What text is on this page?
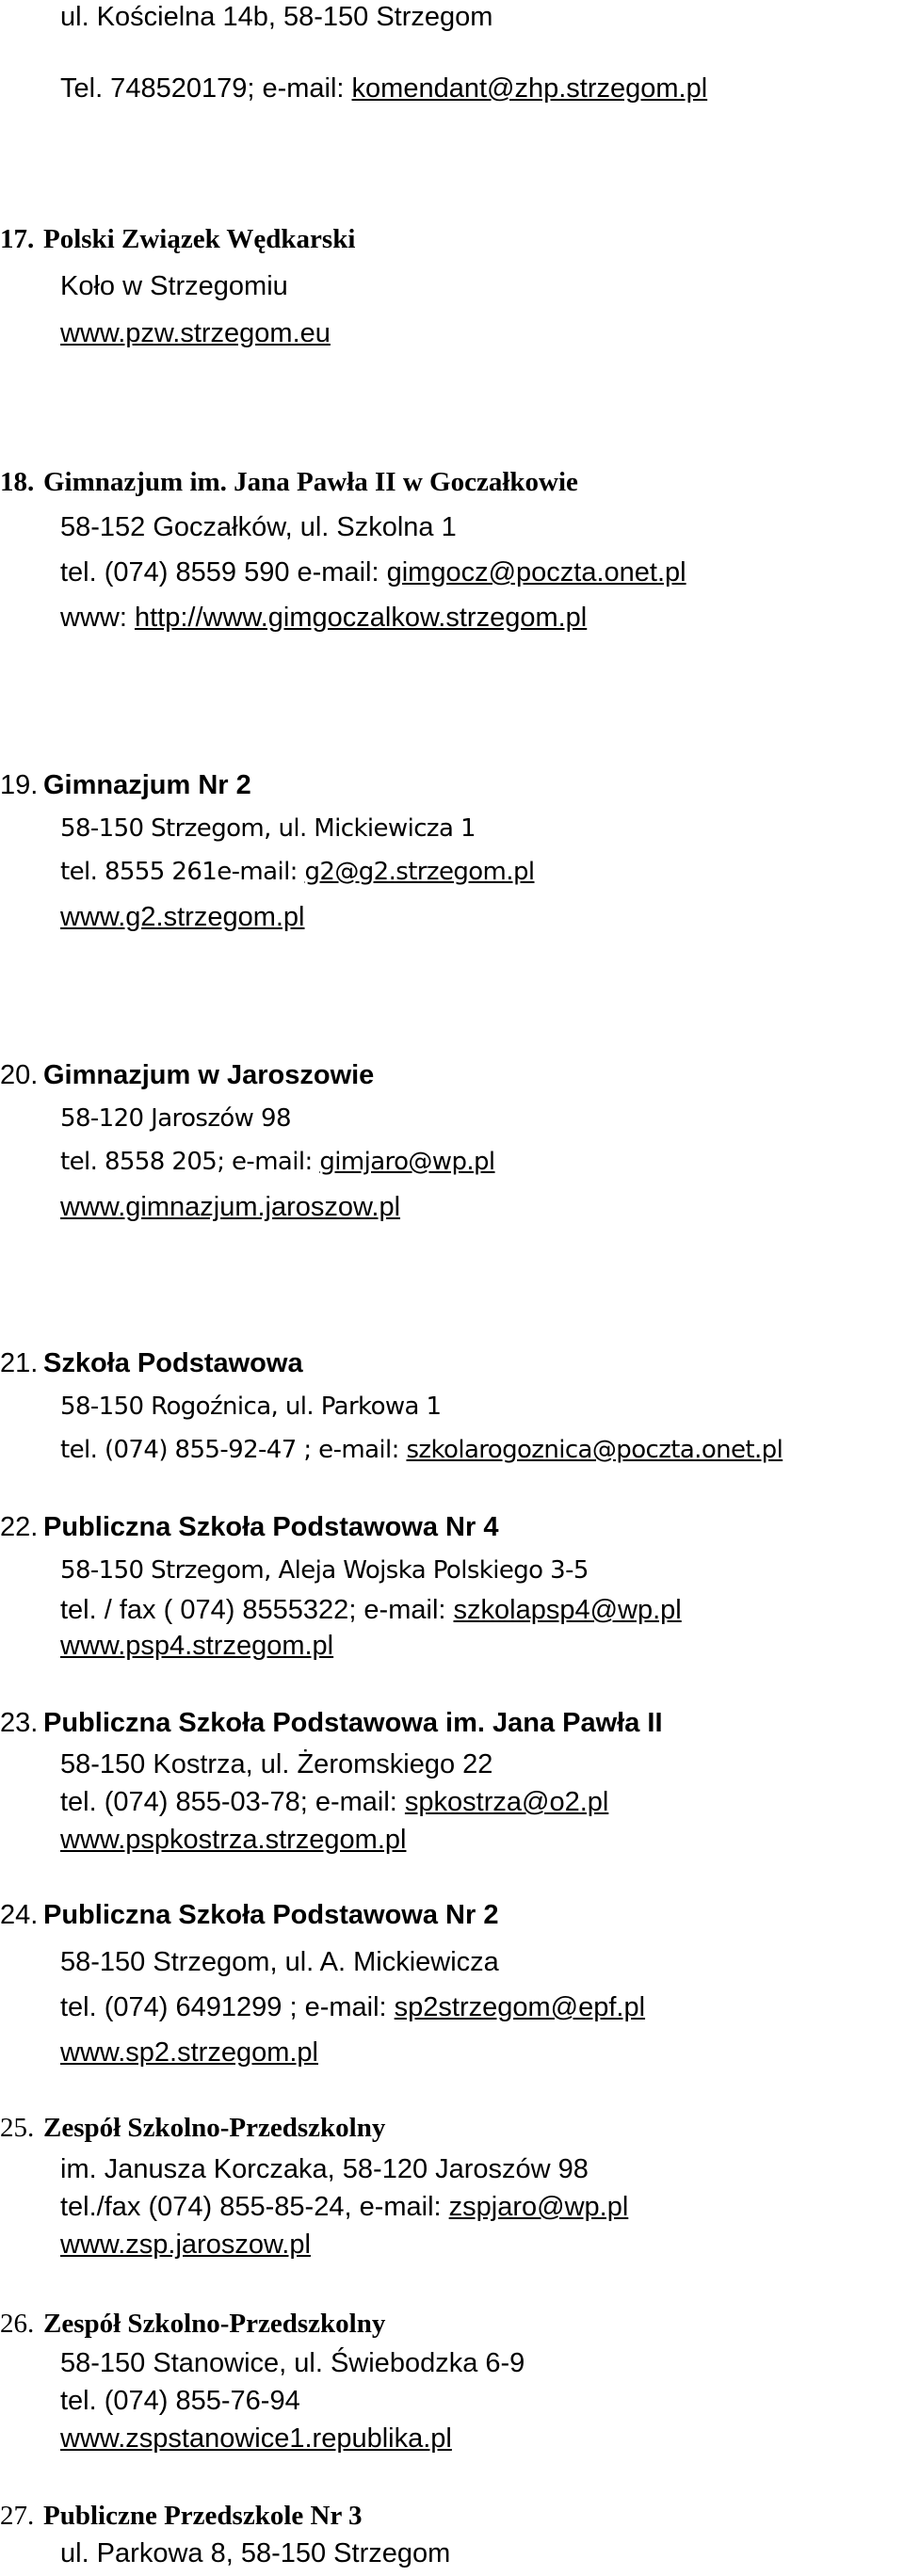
ul. Kościelna 14b, 58-150 Strzegom
Tel. 748520179; e-mail: komendant@zhp.strzegom.pl
17. Polski Związek Wędkarski
Koło w Strzegomiu
www.pzw.strzegom.eu
18. Gimnazjum im. Jana Pawła II w Goczałkowie
58-152 Goczałków, ul. Szkolna 1
tel. (074) 8559 590 e-mail: gimgocz@poczta.onet.pl
www: http://www.gimgoczalkow.strzegom.pl
19. Gimnazjum Nr 2
58-150 Strzegom, ul. Mickiewicza 1
tel. 8555 261e-mail: g2@g2.strzegom.pl
www.g2.strzegom.pl
20. Gimnazjum w Jaroszowie
58-120 Jaroszów 98
tel. 8558 205; e-mail: gimjaro@wp.pl
www.gimnazjum.jaroszow.pl
21. Szkoła Podstawowa
58-150 Rogoźnica, ul. Parkowa 1
tel. (074) 855-92-47 ; e-mail: szkolarogoznica@poczta.onet.pl
22. Publiczna Szkoła Podstawowa Nr 4
58-150 Strzegom, Aleja Wojska Polskiego 3-5
tel. / fax ( 074) 8555322; e-mail: szkolapsp4@wp.pl
www.psp4.strzegom.pl
23. Publiczna Szkoła Podstawowa im. Jana Pawła II
58-150 Kostrza, ul. Żeromskiego 22
tel. (074) 855-03-78; e-mail: spkostrza@o2.pl
www.pspkostrza.strzegom.pl
24. Publiczna Szkoła Podstawowa Nr 2
58-150 Strzegom, ul. A. Mickiewicza
tel. (074) 6491299 ; e-mail: sp2strzegom@epf.pl
www.sp2.strzegom.pl
25. Zespół Szkolno-Przedszkolny
im. Janusza Korczaka, 58-120 Jaroszów 98
tel./fax (074) 855-85-24, e-mail: zspjaro@wp.pl
www.zsp.jaroszow.pl
26. Zespół Szkolno-Przedszkolny
58-150 Stanowice, ul. Świebodzka 6-9
tel. (074) 855-76-94
www.zspstanowice1.republika.pl
27. Publiczne Przedszkole Nr 3
ul. Parkowa 8, 58-150 Strzegom
